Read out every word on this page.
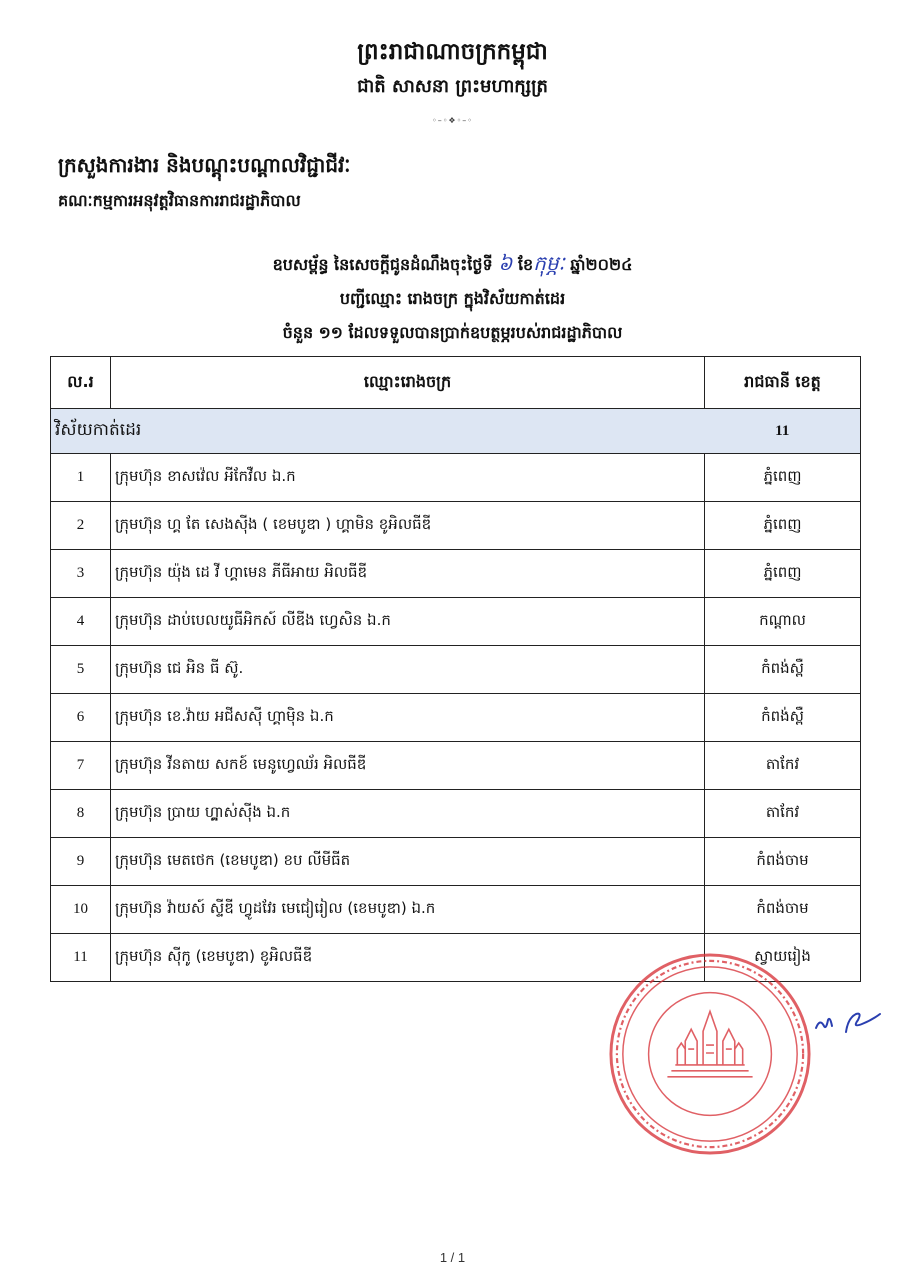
ព្រះរាជាណាចក្រកម្ពុជា
ជាតិ សាសនា ព្រះមហាក្សត្រ
◦–◦❖◦–◦
ក្រសួងការងារ និងបណ្តុះបណ្តាលវិជ្ជាជីវៈ
គណៈកម្មការអនុវត្តវិធានការរាជរដ្ឋាភិបាល
ឧបសម្ព័ន្ធ នៃសេចក្តីជូនដំណឹងចុះថ្ងៃទី ៦ ខែកុម្ភៈ ឆ្នាំ២០២៤
បញ្ជីឈ្មោះ រោងចក្រ ក្នុងវិស័យកាត់ដេរ
ចំនួន ១១ ដែលទទួលបានប្រាក់ឧបត្ថម្ភរបស់រាជរដ្ឋាភិបាល
ល.រ	ឈ្មោះរោងចក្រ	រាជធានី ខេត្ត
វិស័យកាត់ដេរ		11
1	ក្រុមហ៊ុន ខាសវ៉េល អីកែវឺល ឯ.ក	ភ្នំពេញ
2	ក្រុមហ៊ុន ហ្គ តែ សេងស៊ីង ( ខេមបូឌា ) ហ្គាមិន ខូអិលធីឌី	ភ្នំពេញ
3	ក្រុមហ៊ុន យ៉ុង ដេ វី ហ្គាមេន ភីធីអាយ អិលធីឌី	ភ្នំពេញ
4	ក្រុមហ៊ុន ដាប់បេលយូធីអិកស៍ លីឌីង ហ្វេសិន ឯ.ក	កណ្តាល
5	ក្រុមហ៊ុន ជេ អិន ធី ស៊ូ.	កំពង់ស្ពឺ
6	ក្រុមហ៊ុន ខេ.វ៉ាយ អជីសស៊ី ហ្គាម៉ិន ឯ.ក	កំពង់ស្ពឺ
7	ក្រុមហ៊ុន វីនតាយ សកខ៍ មេនូហ្វេឈ័រ អិលធីឌី	តាកែវ
8	ក្រុមហ៊ុន ប្រាយ ហ្គ្លាស់ស៊ីង ឯ.ក	តាកែវ
9	ក្រុមហ៊ុន មេតថេក (ខេមបូឌា) ខប លីមីធីត	កំពង់ចាម
10	ក្រុមហ៊ុន វ៉ាយស៍ ស្ទីឌី ហ្វូដវែរ មេជៀរៀល (ខេមបូឌា) ឯ.ក	កំពង់ចាម
11	ក្រុមហ៊ុន ស៊ីកូ (ខេមបូឌា) ខូអិលធីឌី	ស្វាយរៀង
1 / 1
